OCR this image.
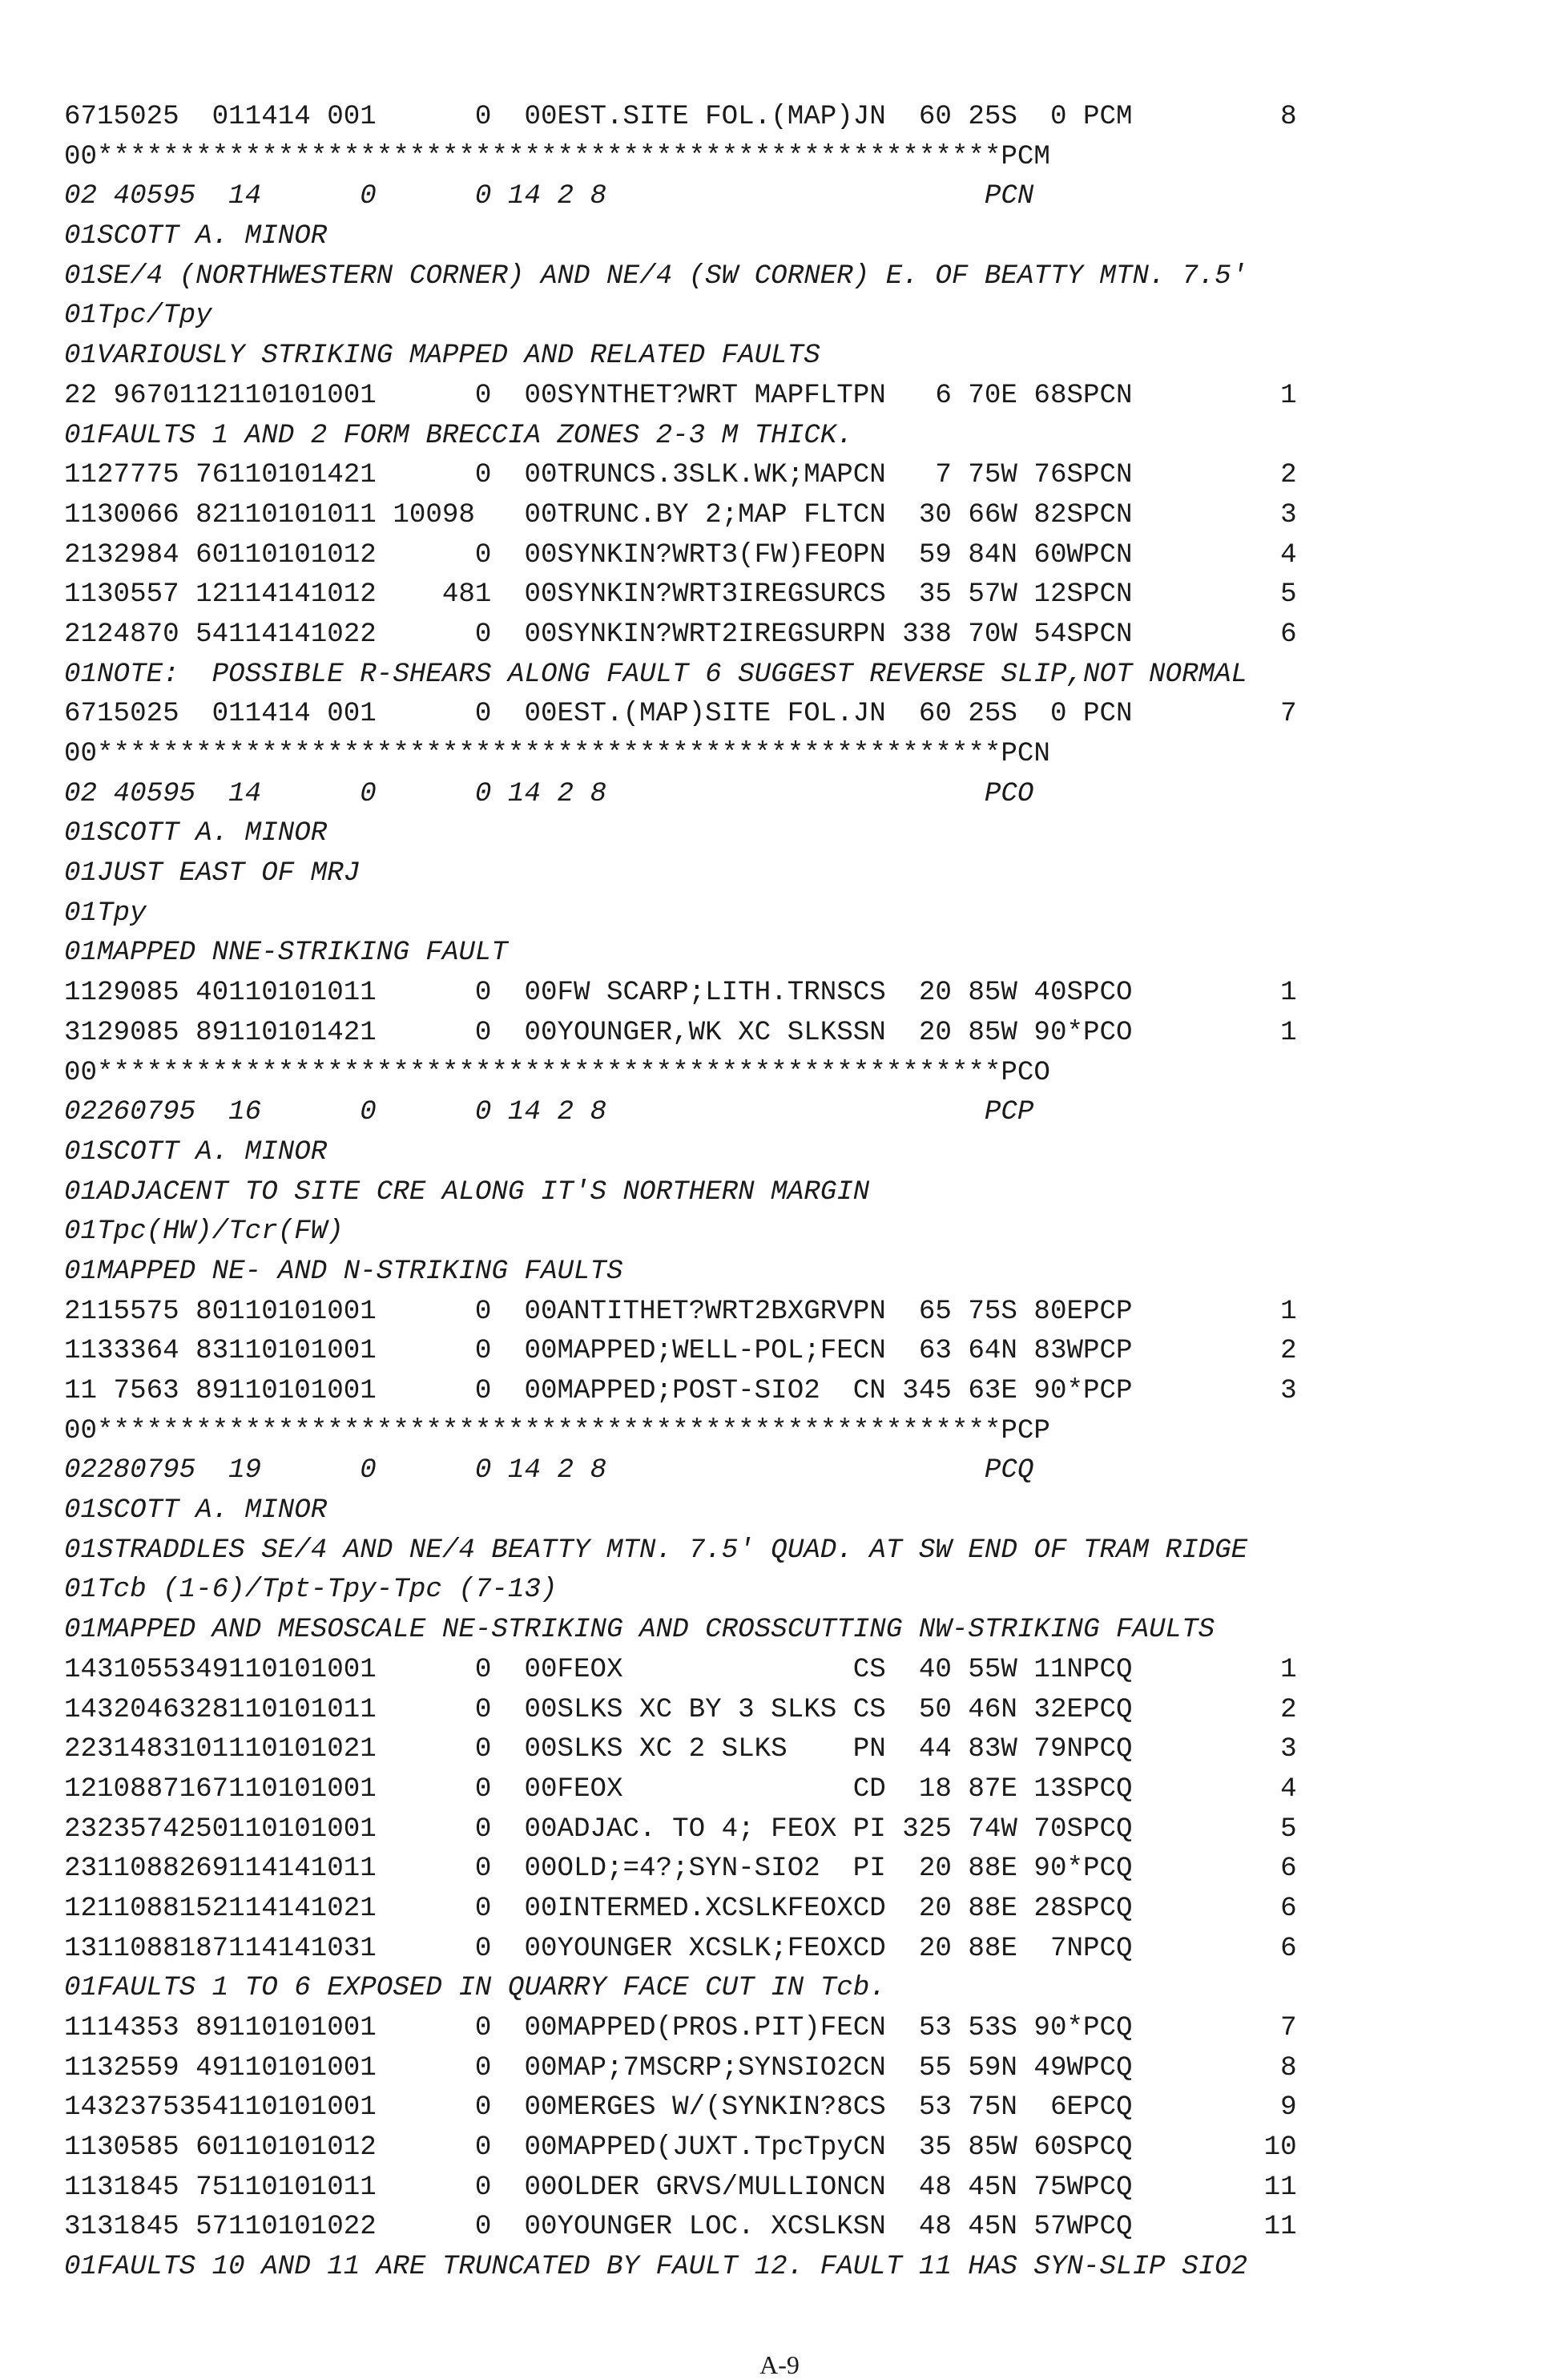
6715025  011414 001      0  00EST.SITE FOL.(MAP)JN  60 25S  0 PCM         8
00*******************************************************PCM
02 40595  14      0      0 14 2 8                       PCN
01SCOTT A. MINOR
01SE/4 (NORTHWESTERN CORNER) AND NE/4 (SW CORNER) E. OF BEATTY MTN. 7.5'
01Tpc/Tpy
01VARIOUSLY STRIKING MAPPED AND RELATED FAULTS
22 9670112110101001      0  00SYNTHET?WRT MAPFLTPN   6 70E 68SPCN         1
01FAULTS 1 AND 2 FORM BRECCIA ZONES 2-3 M THICK.
1127775 76110101421      0  00TRUNCS.3SLK.WK;MAPCN   7 75W 76SPCN         2
1130066 82110101011 10098   00TRUNC.BY 2;MAP FLTCN  30 66W 82SPCN         3
2132984 60110101012      0  00SYNKIN?WRT3(FW)FEOPN  59 84N 60WPCN         4
1130557 12114141012    481  00SYNKIN?WRT3IREGSURCS  35 57W 12SPCN         5
2124870 54114141022      0  00SYNKIN?WRT2IREGSURPN 338 70W 54SPCN         6
01NOTE:  POSSIBLE R-SHEARS ALONG FAULT 6 SUGGEST REVERSE SLIP,NOT NORMAL
6715025  011414 001      0  00EST.(MAP)SITE FOL.JN  60 25S  0 PCN         7
00*******************************************************PCN
02 40595  14      0      0 14 2 8                       PCO
01SCOTT A. MINOR
01JUST EAST OF MRJ
01Tpy
01MAPPED NNE-STRIKING FAULT
1129085 40110101011      0  00FW SCARP;LITH.TRNSCS  20 85W 40SPCO         1
3129085 89110101421      0  00YOUNGER,WK XC SLKSSN  20 85W 90*PCO         1
00*******************************************************PCO
02260795  16      0      0 14 2 8                       PCP
01SCOTT A. MINOR
01ADJACENT TO SITE CRE ALONG IT'S NORTHERN MARGIN
01Tpc(HW)/Tcr(FW)
01MAPPED NE- AND N-STRIKING FAULTS
2115575 80110101001      0  00ANTITHET?WRT2BXGRVPN  65 75S 80EPCP         1
1133364 83110101001      0  00MAPPED;WELL-POL;FECN  63 64N 83WPCP         2
11 7563 89110101001      0  00MAPPED;POST-SIO2  CN 345 63E 90*PCP         3
00*******************************************************PCP
02280795  19      0      0 14 2 8                       PCQ
01SCOTT A. MINOR
01STRADDLES SE/4 AND NE/4 BEATTY MTN. 7.5' QUAD. AT SW END OF TRAM RIDGE
01Tcb (1-6)/Tpt-Tpy-Tpc (7-13)
01MAPPED AND MESOSCALE NE-STRIKING AND CROSSCUTTING NW-STRIKING FAULTS
1431055349110101001      0  00FEOX              CS  40 55W 11NPCQ         1
1432046328110101011      0  00SLKS XC BY 3 SLKS CS  50 46N 32EPCQ         2
2231483101110101021      0  00SLKS XC 2 SLKS    PN  44 83W 79NPCQ         3
1210887167110101001      0  00FEOX              CD  18 87E 13SPCQ         4
2323574250110101001      0  00ADJAC. TO 4; FEOX PI 325 74W 70SPCQ         5
2311088269114141011      0  00OLD;=4?;SYN-SIO2  PI  20 88E 90*PCQ         6
1211088152114141021      0  00INTERMED.XCSLKFEOXCD  20 88E 28SPCQ         6
1311088187114141031      0  00YOUNGER XCSLK;FEOXCD  20 88E  7NPCQ         6
01FAULTS 1 TO 6 EXPOSED IN QUARRY FACE CUT IN Tcb.
1114353 89110101001      0  00MAPPED(PROS.PIT)FECN  53 53S 90*PCQ         7
1132559 49110101001      0  00MAP;7MSCRP;SYNSIO2CN  55 59N 49WPCQ         8
1432375354110101001      0  00MERGES W/(SYNKIN?8CS  53 75N  6EPCQ         9
1130585 60110101012      0  00MAPPED(JUXT.TpcTpyCN  35 85W 60SPCQ        10
1131845 75110101011      0  00OLDER GRVS/MULLIONCN  48 45N 75WPCQ        11
3131845 57110101022      0  00YOUNGER LOC. XCSLKSN  48 45N 57WPCQ        11
01FAULTS 10 AND 11 ARE TRUNCATED BY FAULT 12. FAULT 11 HAS SYN-SLIP SIO2
A-9
